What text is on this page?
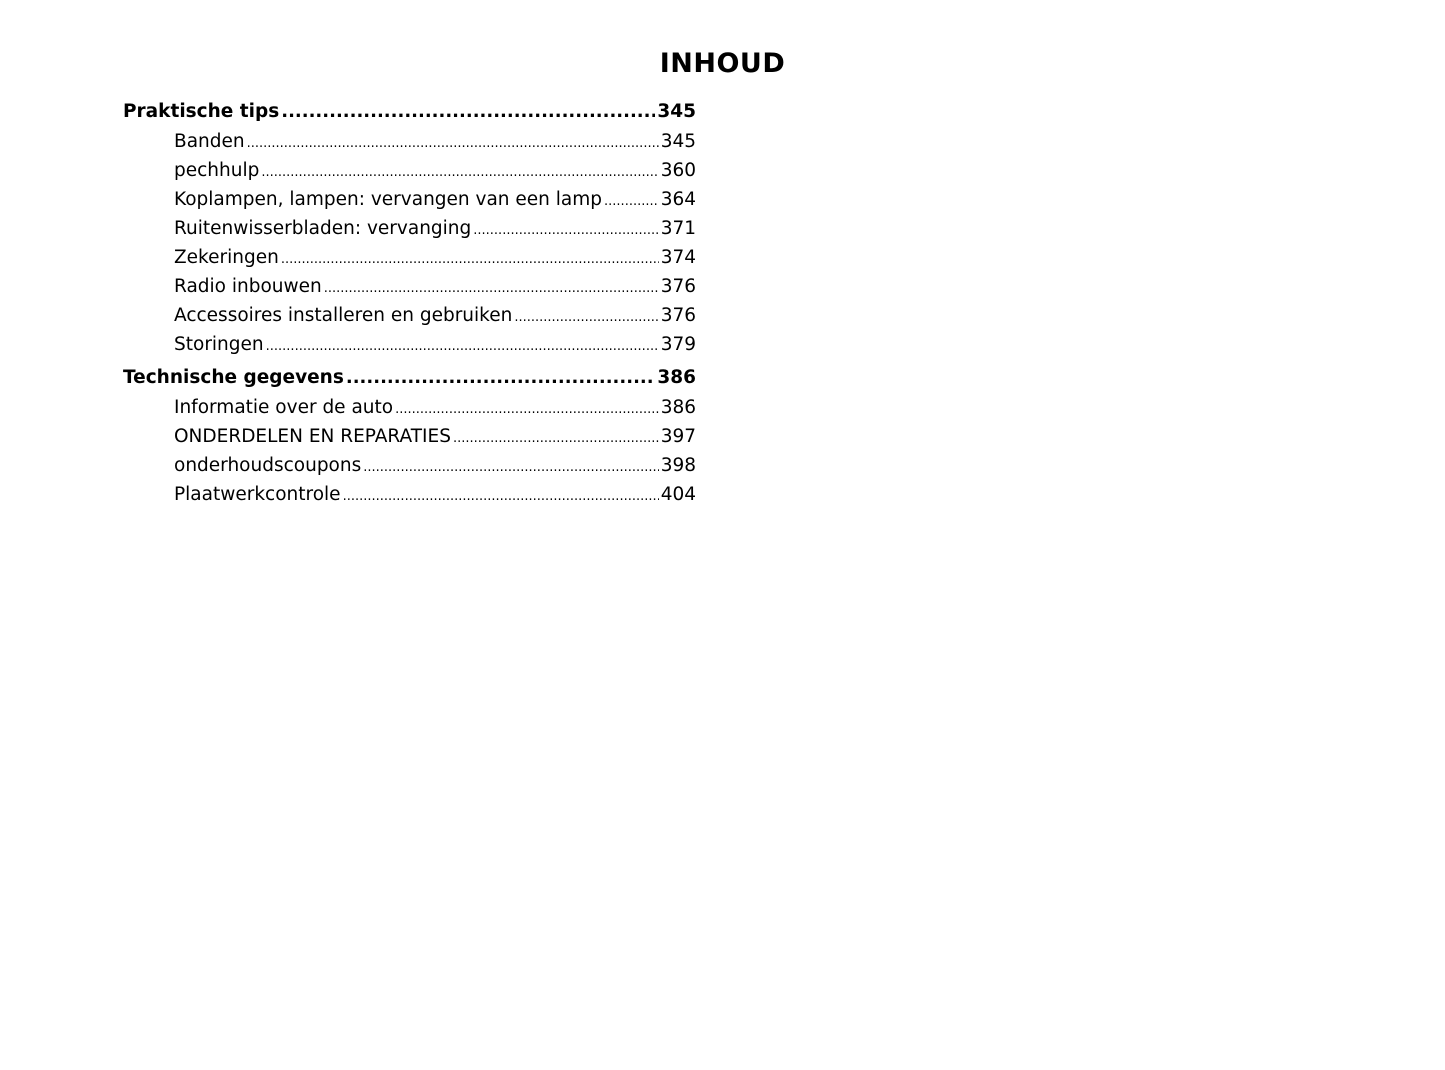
INHOUD
Praktische tips .....	345
Banden .....	345
pechhulp .....	360
Koplampen, lampen: vervangen van een lamp .....	364
Ruitenwisserbladen: vervanging .....	371
Zekeringen .....	374
Radio inbouwen .....	376
Accessoires installeren en gebruiken .....	376
Storingen .....	379
Technische gegevens .....	386
Informatie over de auto .....	386
ONDERDELEN EN REPARATIES .....	397
onderhoudscoupons .....	398
Plaatwerkcontrole .....	404
